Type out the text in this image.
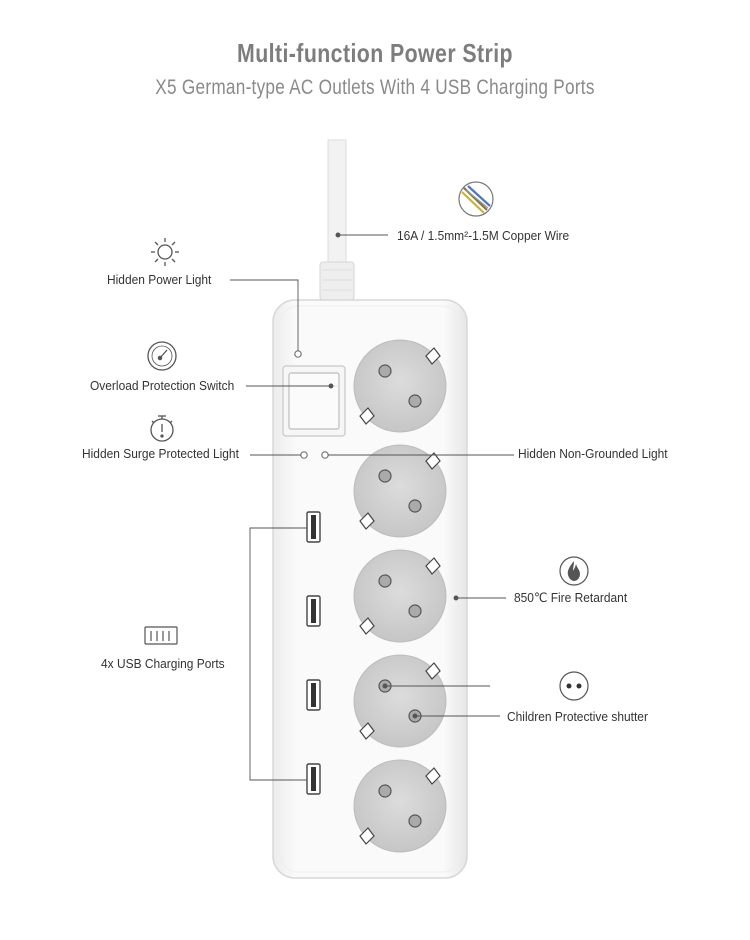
Multi-function Power Strip
X5 German-type AC Outlets With 4 USB Charging Ports
16A / 1.5mm²-1.5M Copper Wire
Hidden Power Light
Overload Protection Switch
Hidden Surge Protected Light	Hidden Non-Grounded Light
850℃ Fire Retardant
4x USB Charging Ports
Children Protective shutter
